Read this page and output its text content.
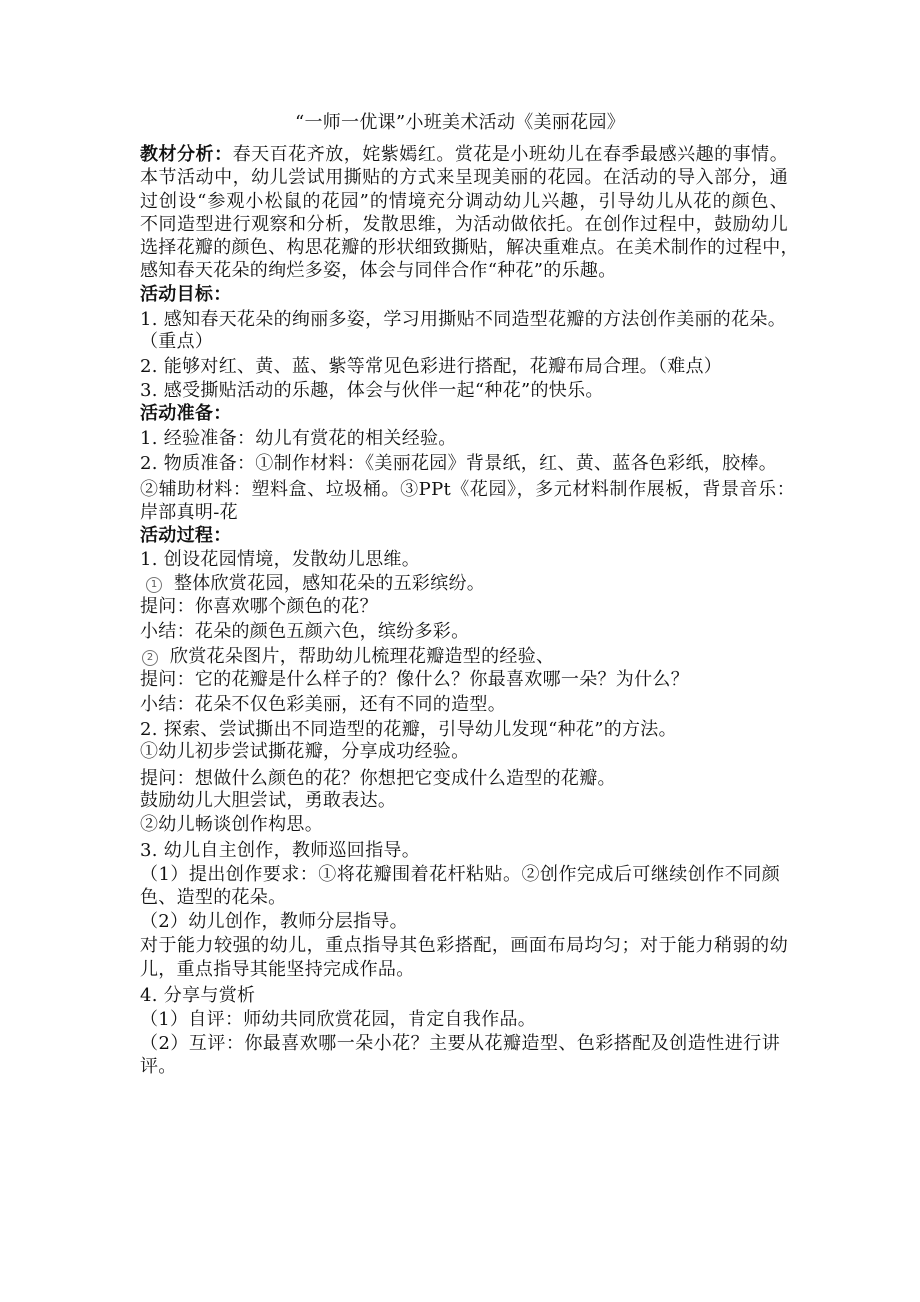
“一师一优课”小班美术活动《美丽花园》
教材分析：春天百花齐放，姹紫嫣红。赏花是小班幼儿在春季最感兴趣的事情。
本节活动中，幼儿尝试用撕贴的方式来呈现美丽的花园。在活动的导入部分，通
过创设“参观小松鼠的花园”的情境充分调动幼儿兴趣，引导幼儿从花的颜色、
不同造型进行观察和分析，发散思维，为活动做依托。在创作过程中，鼓励幼儿
选择花瓣的颜色、构思花瓣的形状细致撕贴，解决重难点。在美术制作的过程中，
感知春天花朵的绚烂多姿，体会与同伴合作“种花”的乐趣。
活动目标：
1. 感知春天花朵的绚丽多姿，学习用撕贴不同造型花瓣的方法创作美丽的花朵。
（重点）
2. 能够对红、黄、蓝、紫等常见色彩进行搭配，花瓣布局合理。（难点）
3. 感受撕贴活动的乐趣，体会与伙伴一起“种花”的快乐。
活动准备：
1. 经验准备：幼儿有赏花的相关经验。
2. 物质准备：①制作材料：《美丽花园》背景纸，红、黄、蓝各色彩纸，胶棒。
②辅助材料：塑料盒、垃圾桶。③PPt《花园》，多元材料制作展板，背景音乐：
岸部真明-花
活动过程：
1. 创设花园情境，发散幼儿思维。
1 整体欣赏花园，感知花朵的五彩缤纷。
提问：你喜欢哪个颜色的花？
小结：花朵的颜色五颜六色，缤纷多彩。
2 欣赏花朵图片，帮助幼儿梳理花瓣造型的经验、
提问：它的花瓣是什么样子的？像什么？你最喜欢哪一朵？为什么？
小结：花朵不仅色彩美丽，还有不同的造型。
2. 探索、尝试撕出不同造型的花瓣，引导幼儿发现“种花”的方法。
①幼儿初步尝试撕花瓣，分享成功经验。
提问：想做什么颜色的花？你想把它变成什么造型的花瓣。
鼓励幼儿大胆尝试，勇敢表达。
②幼儿畅谈创作构思。
3. 幼儿自主创作，教师巡回指导。
（1）提出创作要求：①将花瓣围着花杆粘贴。②创作完成后可继续创作不同颜
色、造型的花朵。
（2）幼儿创作，教师分层指导。
对于能力较强的幼儿，重点指导其色彩搭配，画面布局均匀；对于能力稍弱的幼
儿，重点指导其能坚持完成作品。
4. 分享与赏析
（1）自评：师幼共同欣赏花园，肯定自我作品。
（2）互评：你最喜欢哪一朵小花？主要从花瓣造型、色彩搭配及创造性进行讲
评。
